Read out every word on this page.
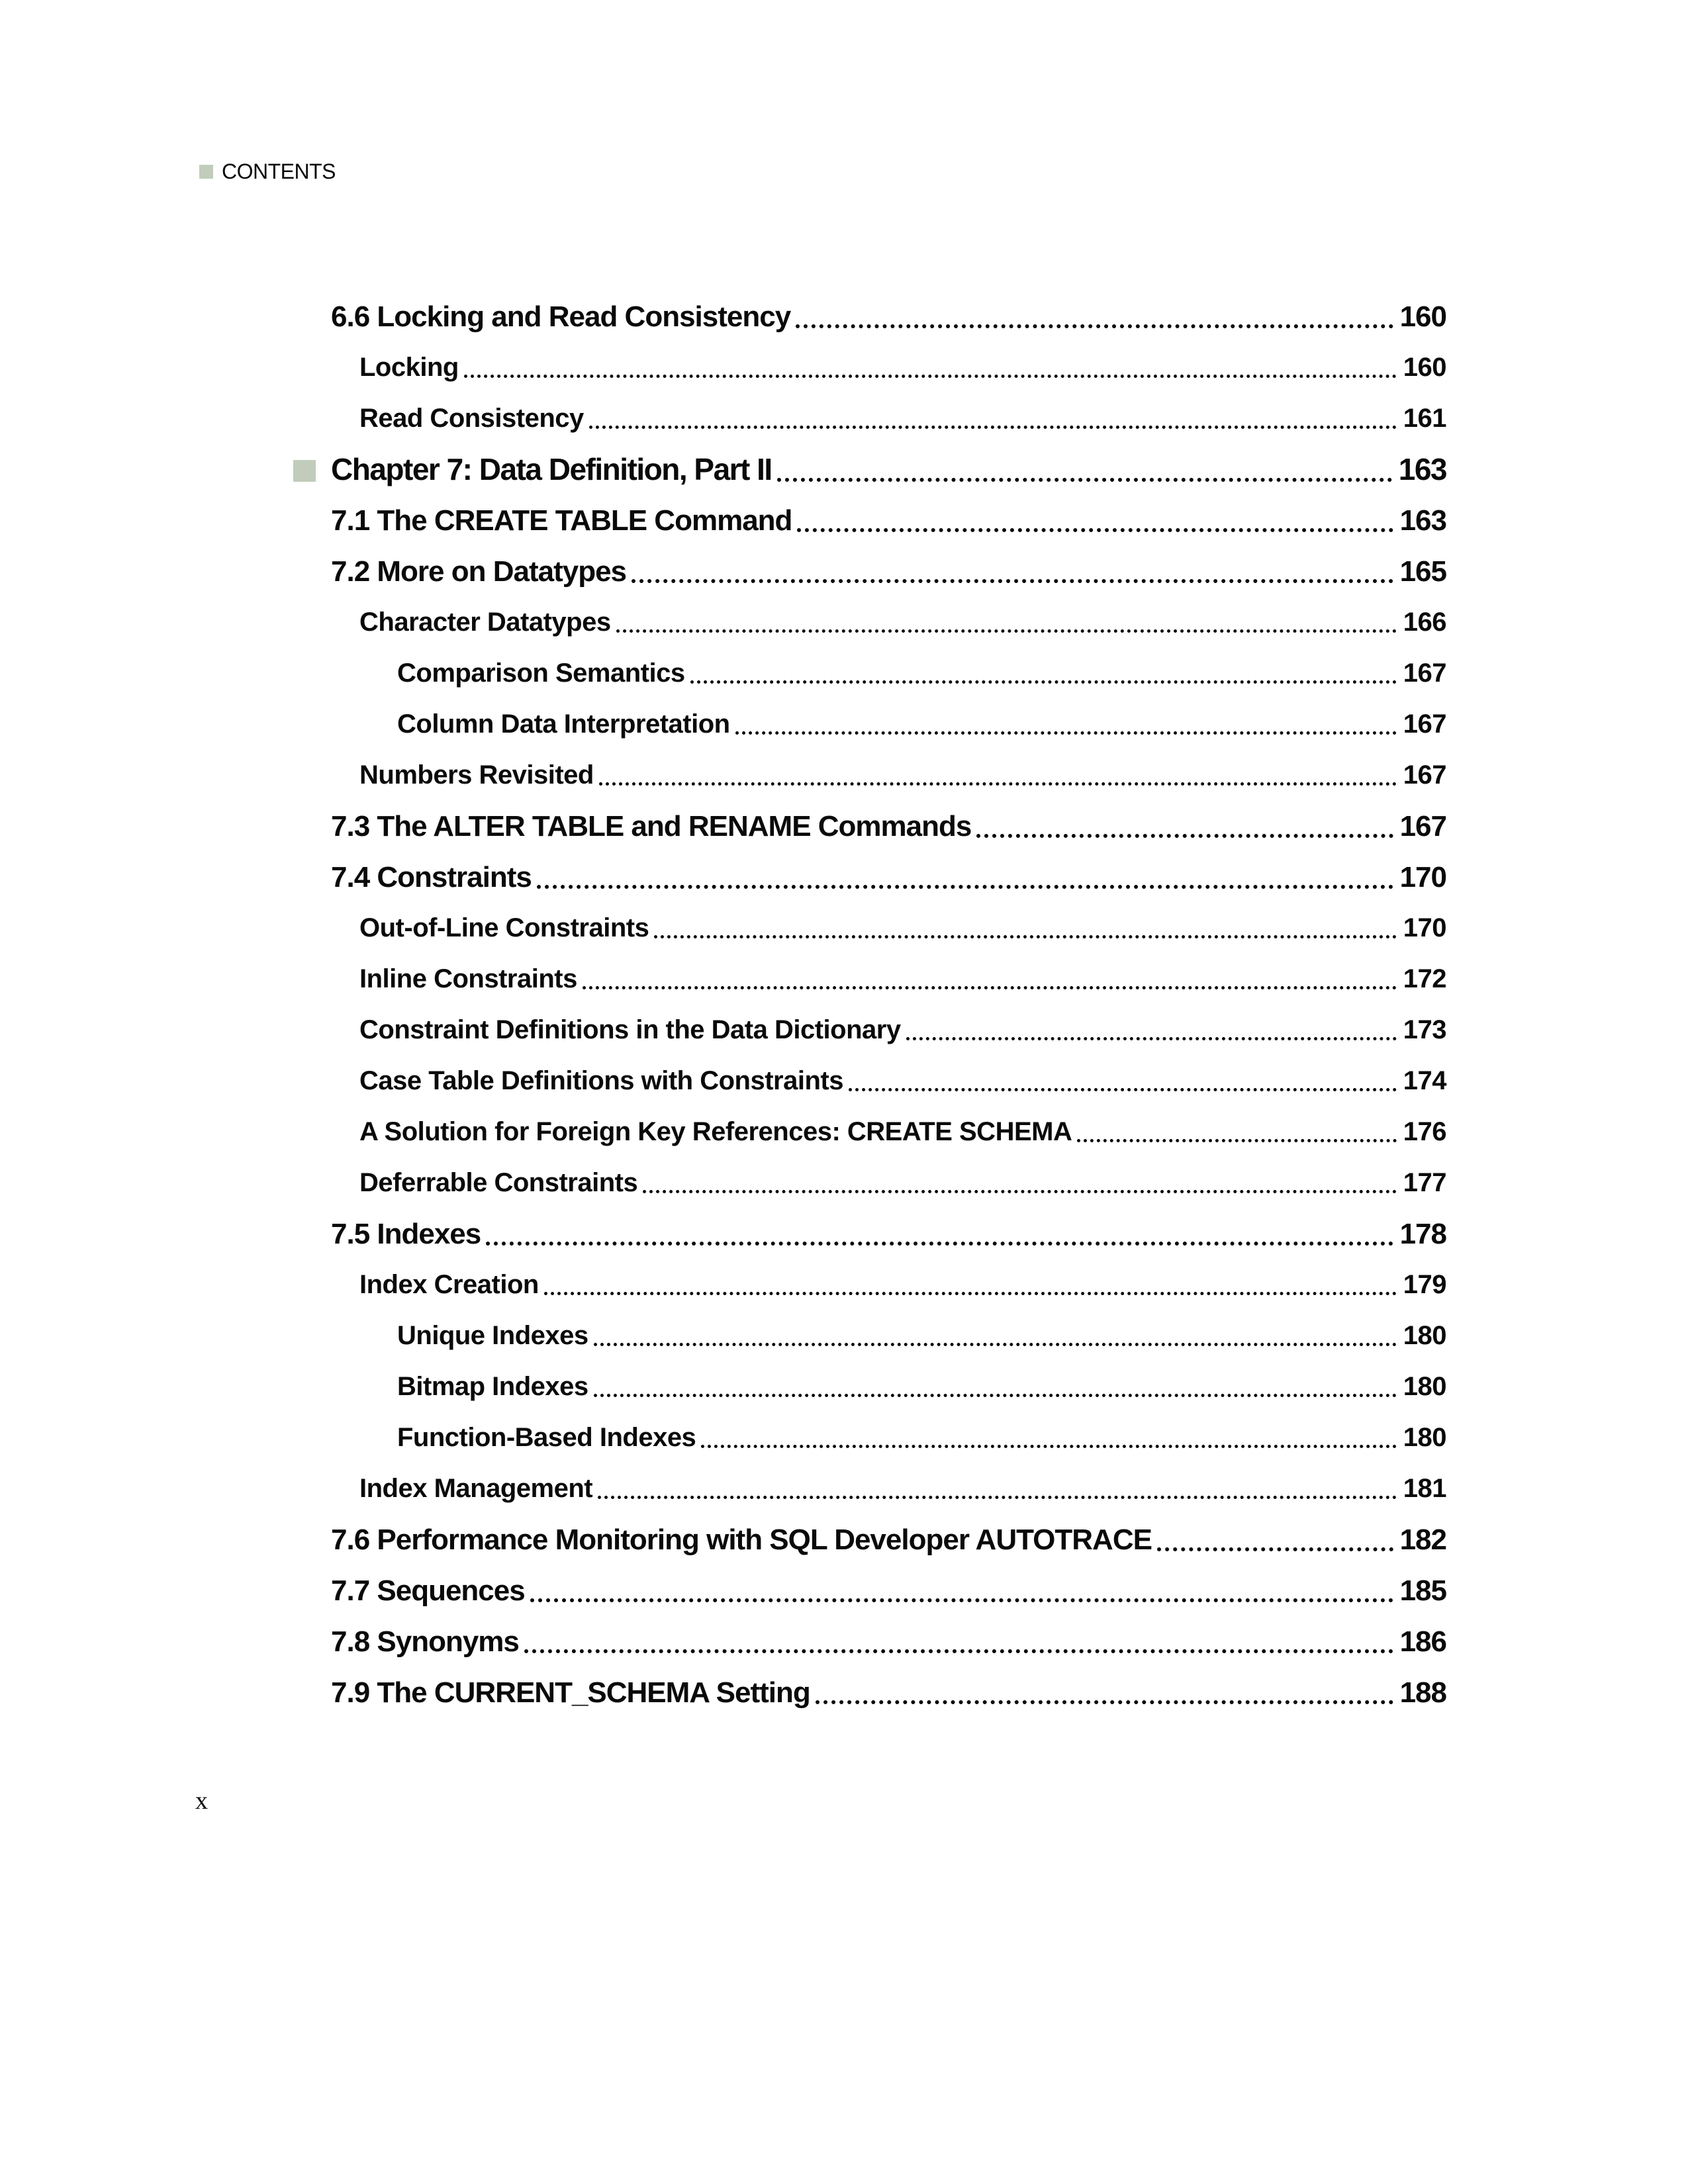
CONTENTS
6.6 Locking and Read Consistency	160
Locking	160
Read Consistency	161
Chapter 7: Data Definition, Part II	163
7.1 The CREATE TABLE Command	163
7.2 More on Datatypes	165
Character Datatypes	166
Comparison Semantics	167
Column Data Interpretation	167
Numbers Revisited	167
7.3 The ALTER TABLE and RENAME Commands	167
7.4 Constraints	170
Out-of-Line Constraints	170
Inline Constraints	172
Constraint Definitions in the Data Dictionary	173
Case Table Definitions with Constraints	174
A Solution for Foreign Key References: CREATE SCHEMA	176
Deferrable Constraints	177
7.5 Indexes	178
Index Creation	179
Unique Indexes	180
Bitmap Indexes	180
Function-Based Indexes	180
Index Management	181
7.6 Performance Monitoring with SQL Developer AUTOTRACE	182
7.7 Sequences	185
7.8 Synonyms	186
7.9 The CURRENT_SCHEMA Setting	188
x
